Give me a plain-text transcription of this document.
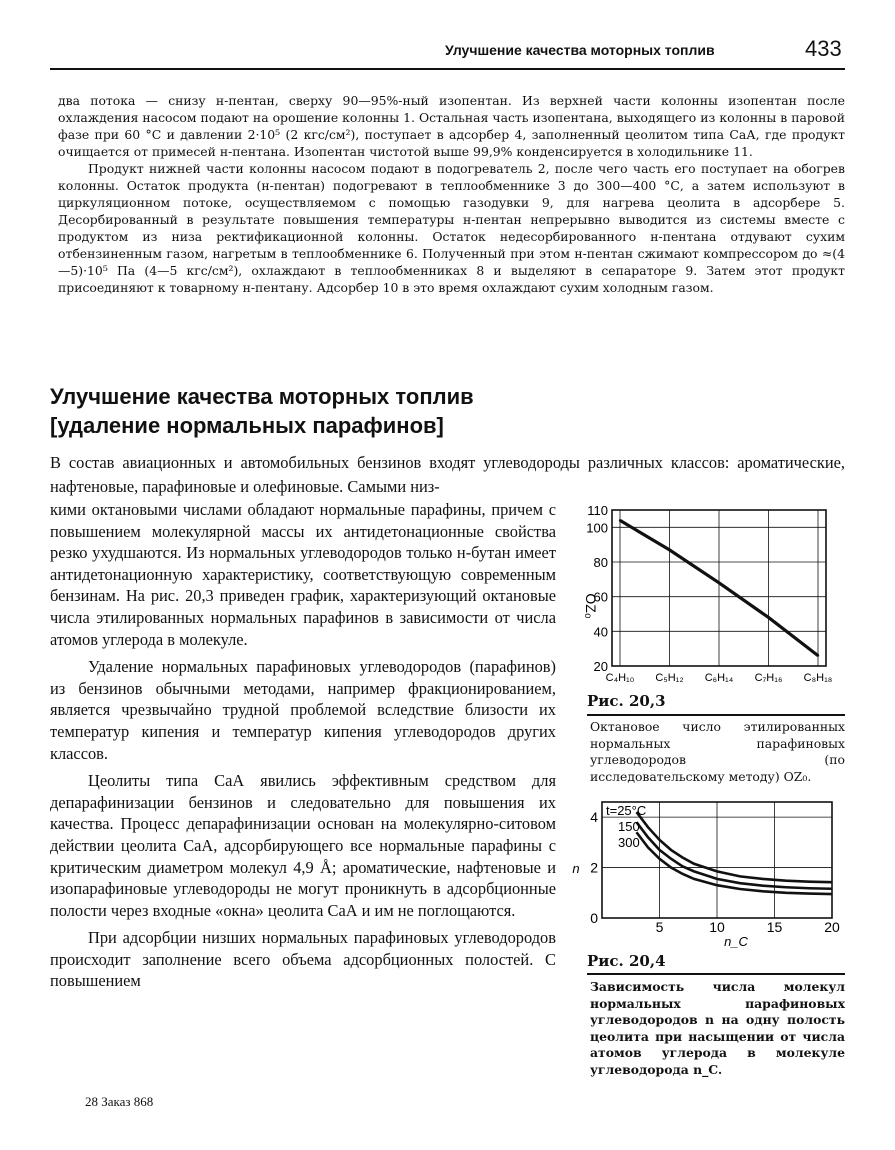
Улучшение качества моторных топлив	433

два потока — снизу н-пентан, сверху 90—95%-ный изопентан. Из верхней части колонны изопентан после охлаждения насосом подают на орошение колонны 1. Остальная часть изопентана, выходящего из колонны в паровой фазе при 60 °С и давлении 2·10⁵ (2 кгс/см²), поступает в адсорбер 4, заполненный цеолитом типа СаА, где продукт очищается от примесей н-пентана. Изопентан чистотой выше 99,9% конденсируется в холодильнике 11.

Продукт нижней части колонны насосом подают в подогреватель 2, после чего часть его поступает на обогрев колонны. Остаток продукта (н-пентан) подогревают в теплообменнике 3 до 300—400 °С, а затем используют в циркуляционном потоке, осуществляемом с помощью газодувки 9, для нагрева цеолита в адсорбере 5. Десорбированный в результате повышения температуры н-пентан непрерывно выводится из системы вместе с продуктом из низа ректификационной колонны. Остаток недесорбированного н-пентана отдувают сухим отбензиненным газом, нагретым в теплообменнике 6. Полученный при этом н-пентан сжимают компрессором до ≈(4—5)·10⁵ Па (4—5 кгс/см²), охлаждают в теплообменниках 8 и выделяют в сепараторе 9. Затем этот продукт присоединяют к товарному н-пентану. Адсорбер 10 в это время охлаждают сухим холодным газом.

Улучшение качества моторных топлив
[удаление нормальных парафинов]
В состав авиационных и автомобильных бензинов входят углеводороды различных классов: ароматические, нафтеновые, парафиновые и олефиновые. Самыми низ-

кими октановыми числами обладают нормальные парафины, причем с повышением молекулярной массы их антидетонационные свойства резко ухудшаются. Из нормальных углеводородов только н-бутан имеет антидетонационную характеристику, соответствующую современным бензинам. На рис. 20,3 приведен график, характеризующий октановые числа этилированных нормальных парафинов в зависимости от числа атомов углерода в молекуле.

Удаление нормальных парафиновых углеводородов (парафинов) из бензинов обычными методами, например фракционированием, является чрезвычайно трудной проблемой вследствие близости их температур кипения и температур кипения углеводородов других классов.

Цеолиты типа СаА явились эффективным средством для депарафинизации бензинов и следовательно для повышения их качества. Процесс депарафинизации основан на молекулярно-ситовом действии цеолита СаА, адсорбирующего все нормальные парафины с критическим диаметром молекул 4,9 Å; ароматические, нафтеновые и изопарафиновые углеводороды не могут проникнуть в адсорбционные полости через входные «окна» цеолита СаА и им не поглощаются.

При адсорбции низших нормальных парафиновых углеводородов происходит заполнение всего объема адсорбционных полостей. С повышением

20
40
60
80
100
110
C₄H₁₀ C₅H₁₂ C₆H₁₄ C₇H₁₆ C₈H₁₈
OZ₀
Рис. 20,3
Октановое число этилированных нормальных парафиновых углеводородов (по исследовательскому методу) OZ₀.
0
2
4
5	10	15	20
t=25°C
150
300
n
n_C
Рис. 20,4
Зависимость числа молекул нормальных парафиновых углеводородов n на одну полость цеолита при насыщении от числа атомов углерода в молекуле углеводорода n_C.
28 Заказ 868
